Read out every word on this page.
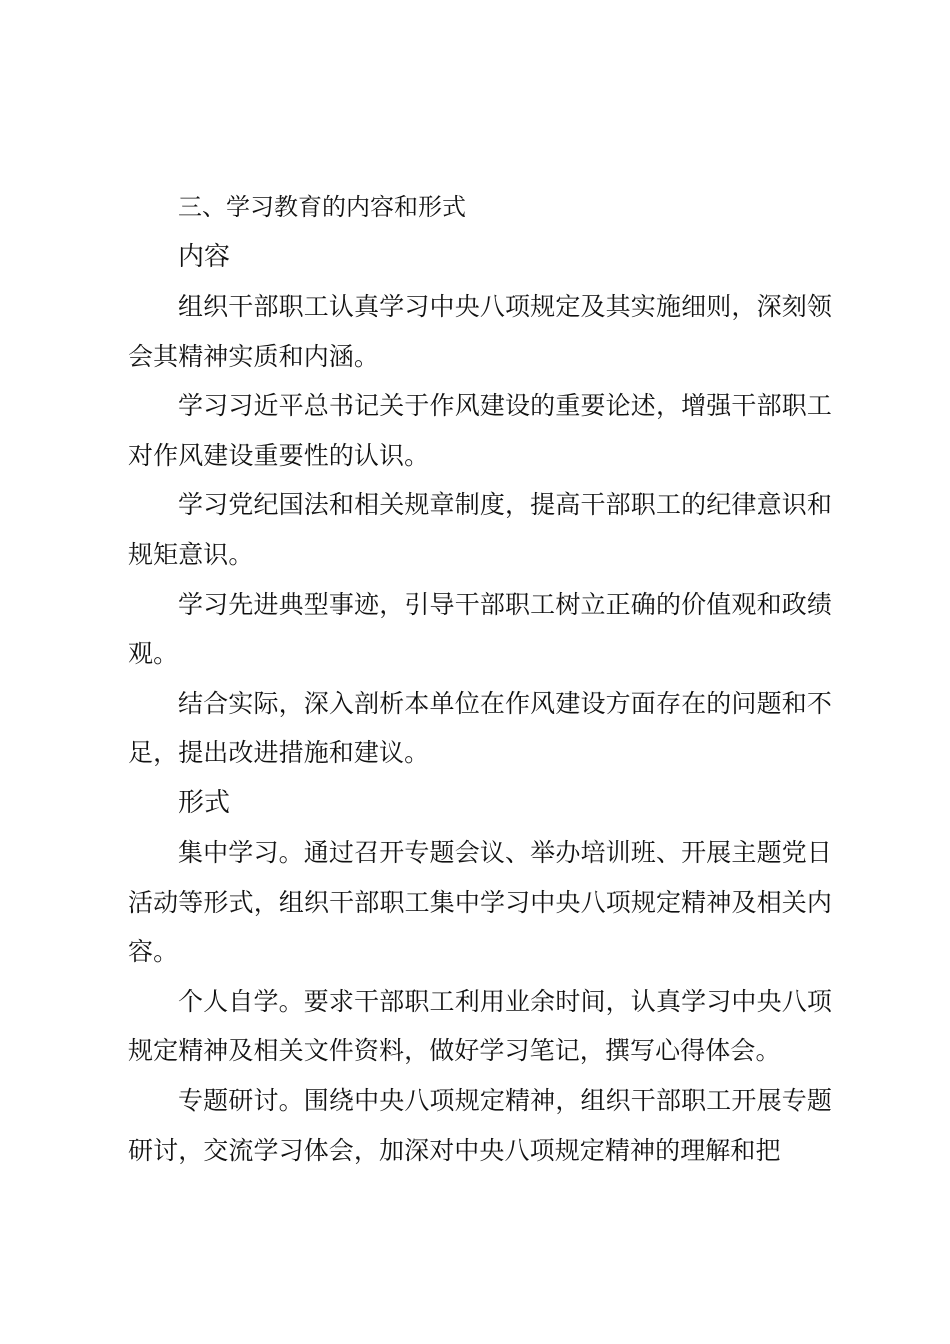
三、学习教育的内容和形式

内容

组织干部职工认真学习中央八项规定及其实施细则，深刻领会其精神实质和内涵。

学习习近平总书记关于作风建设的重要论述，增强干部职工对作风建设重要性的认识。

学习党纪国法和相关规章制度，提高干部职工的纪律意识和规矩意识。

学习先进典型事迹，引导干部职工树立正确的价值观和政绩观。

结合实际，深入剖析本单位在作风建设方面存在的问题和不足，提出改进措施和建议。

形式

集中学习。通过召开专题会议、举办培训班、开展主题党日活动等形式，组织干部职工集中学习中央八项规定精神及相关内容。

个人自学。要求干部职工利用业余时间，认真学习中央八项规定精神及相关文件资料，做好学习笔记，撰写心得体会。

专题研讨。围绕中央八项规定精神，组织干部职工开展专题研讨，交流学习体会，加深对中央八项规定精神的理解和把
